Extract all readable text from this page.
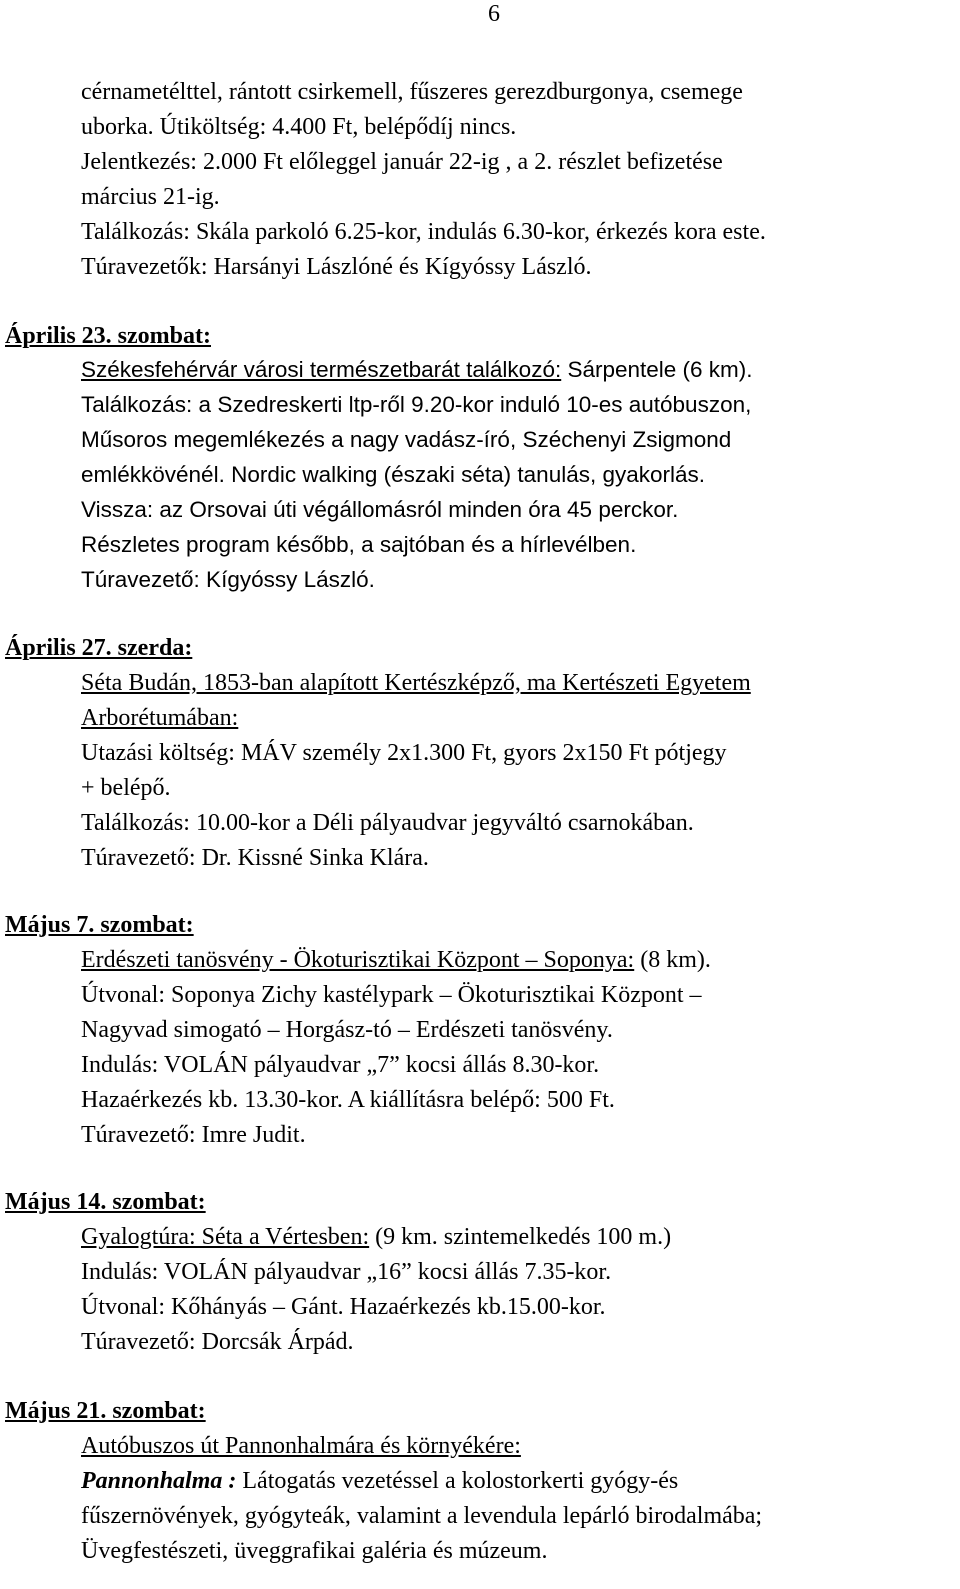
6
cérnametélttel, rántott csirkemell, fűszeres gerezdburgonya, csemege
uborka. Útiköltség: 4.400 Ft, belépődíj nincs.
Jelentkezés: 2.000 Ft előleggel január 22-ig , a 2. részlet befizetése
március 21-ig.
Találkozás: Skála parkoló 6.25-kor, indulás 6.30-kor, érkezés kora este.
Túravezetők: Harsányi Lászlóné és Kígyóssy László.
Április 23. szombat:
Székesfehérvár városi természetbarát találkozó: Sárpentele (6 km).
Találkozás: a Szedreskerti ltp-ről 9.20-kor induló 10-es autóbuszon,
Műsoros megemlékezés a nagy vadász-író, Széchenyi Zsigmond
emlékkövénél. Nordic walking (északi séta) tanulás, gyakorlás.
Vissza: az Orsovai úti végállomásról minden óra 45 perckor.
Részletes program később, a sajtóban és a hírlevélben.
Túravezető: Kígyóssy László.
Április 27. szerda:
Séta Budán, 1853-ban alapított Kertészképző, ma Kertészeti Egyetem
Arborétumában:
Utazási költség: MÁV személy 2x1.300 Ft, gyors 2x150 Ft pótjegy
+ belépő.
Találkozás: 10.00-kor a Déli pályaudvar jegyváltó csarnokában.
Túravezető: Dr. Kissné Sinka Klára.
Május 7. szombat:
Erdészeti tanösvény - Ökoturisztikai Központ – Soponya: (8 km).
Útvonal: Soponya Zichy kastélypark – Ökoturisztikai Központ –
Nagyvad simogató – Horgász-tó – Erdészeti tanösvény.
Indulás: VOLÁN pályaudvar „7” kocsi állás 8.30-kor.
Hazaérkezés kb. 13.30-kor. A kiállításra belépő: 500 Ft.
Túravezető: Imre Judit.
Május 14. szombat:
Gyalogtúra: Séta a Vértesben: (9 km. szintemelkedés 100 m.)
Indulás: VOLÁN pályaudvar „16” kocsi állás 7.35-kor.
Útvonal: Kőhányás – Gánt. Hazaérkezés kb.15.00-kor.
Túravezető: Dorcsák Árpád.
Május 21. szombat:
Autóbuszos út Pannonhalmára és környékére:
Pannonhalma : Látogatás vezetéssel a kolostorkerti gyógy-és
fűszernövények, gyógyteák, valamint a levendula lepárló birodalmába;
Üvegfestészeti, üveggrafikai galéria és múzeum.
